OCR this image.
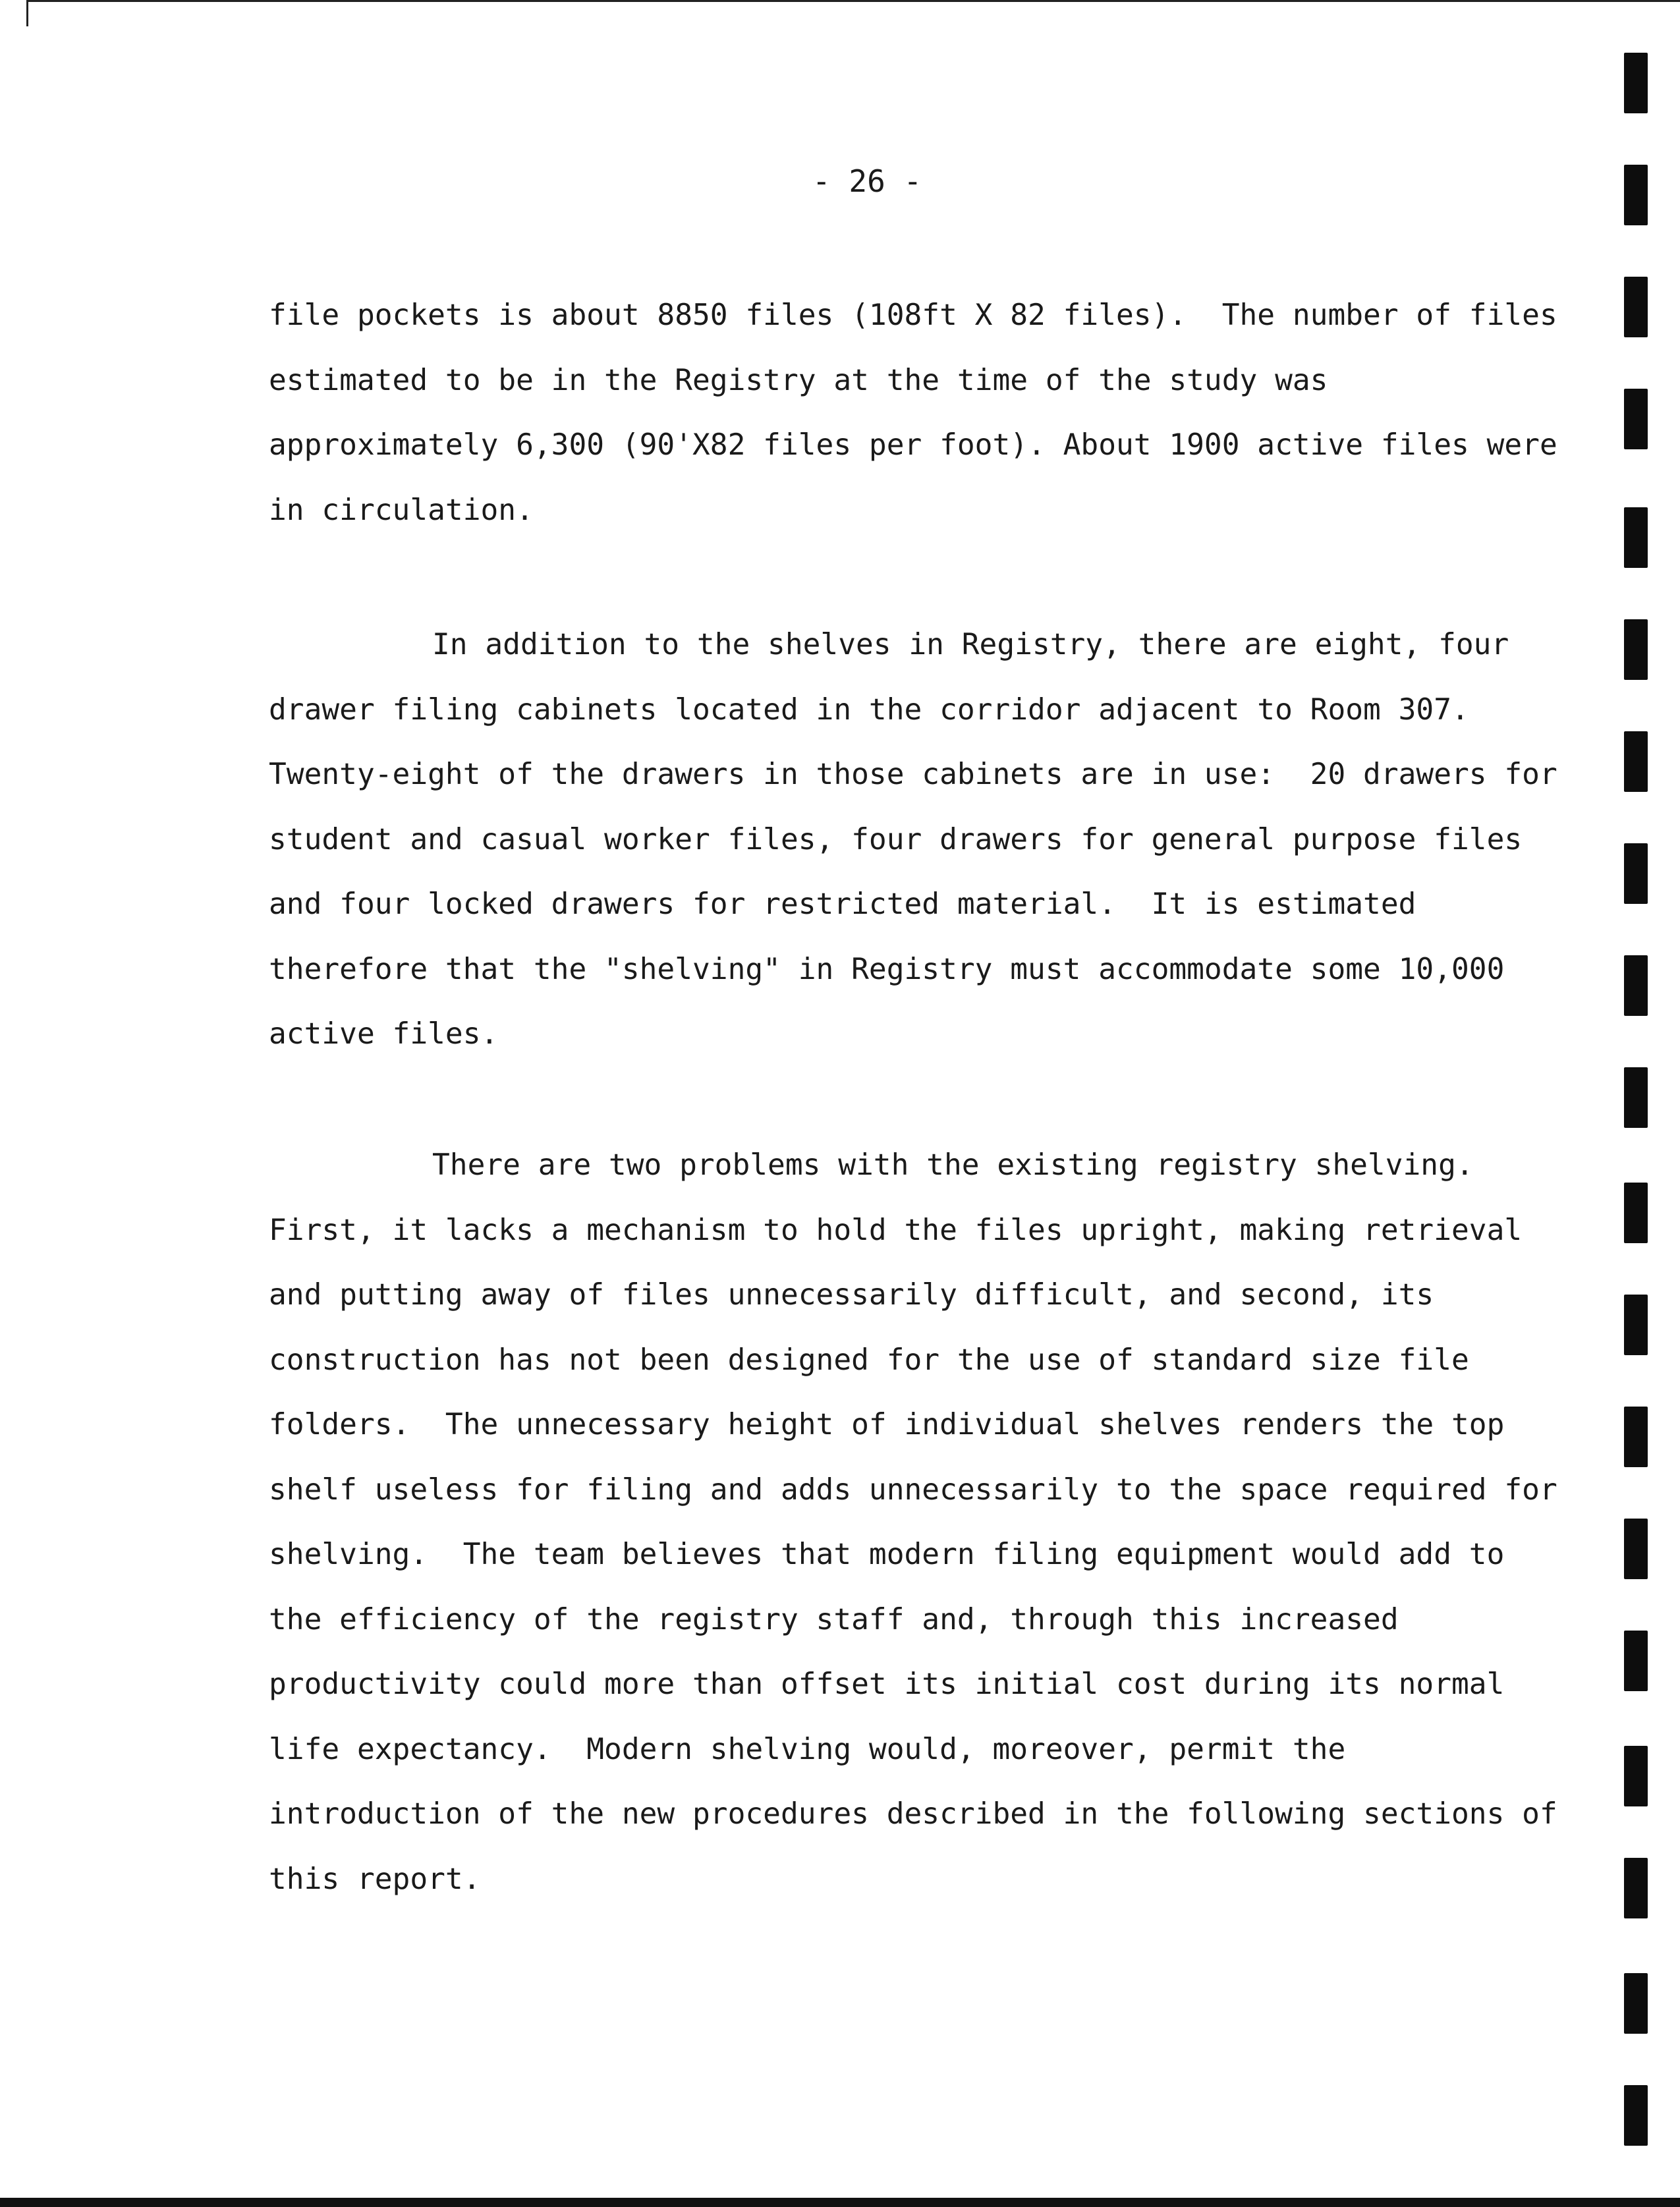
- 26 -
file pockets is about 8850 files (108ft X 82 files).  The number of files
estimated to be in the Registry at the time of the study was
approximately 6,300 (90'X82 files per foot). About 1900 active files were
in circulation.
In addition to the shelves in Registry, there are eight, four
drawer filing cabinets located in the corridor adjacent to Room 307.
Twenty-eight of the drawers in those cabinets are in use:  20 drawers for
student and casual worker files, four drawers for general purpose files
and four locked drawers for restricted material.  It is estimated
therefore that the "shelving" in Registry must accommodate some 10,000
active files.
There are two problems with the existing registry shelving.
First, it lacks a mechanism to hold the files upright, making retrieval
and putting away of files unnecessarily difficult, and second, its
construction has not been designed for the use of standard size file
folders.  The unnecessary height of individual shelves renders the top
shelf useless for filing and adds unnecessarily to the space required for
shelving.  The team believes that modern filing equipment would add to
the efficiency of the registry staff and, through this increased
productivity could more than offset its initial cost during its normal
life expectancy.  Modern shelving would, moreover, permit the
introduction of the new procedures described in the following sections of
this report.
